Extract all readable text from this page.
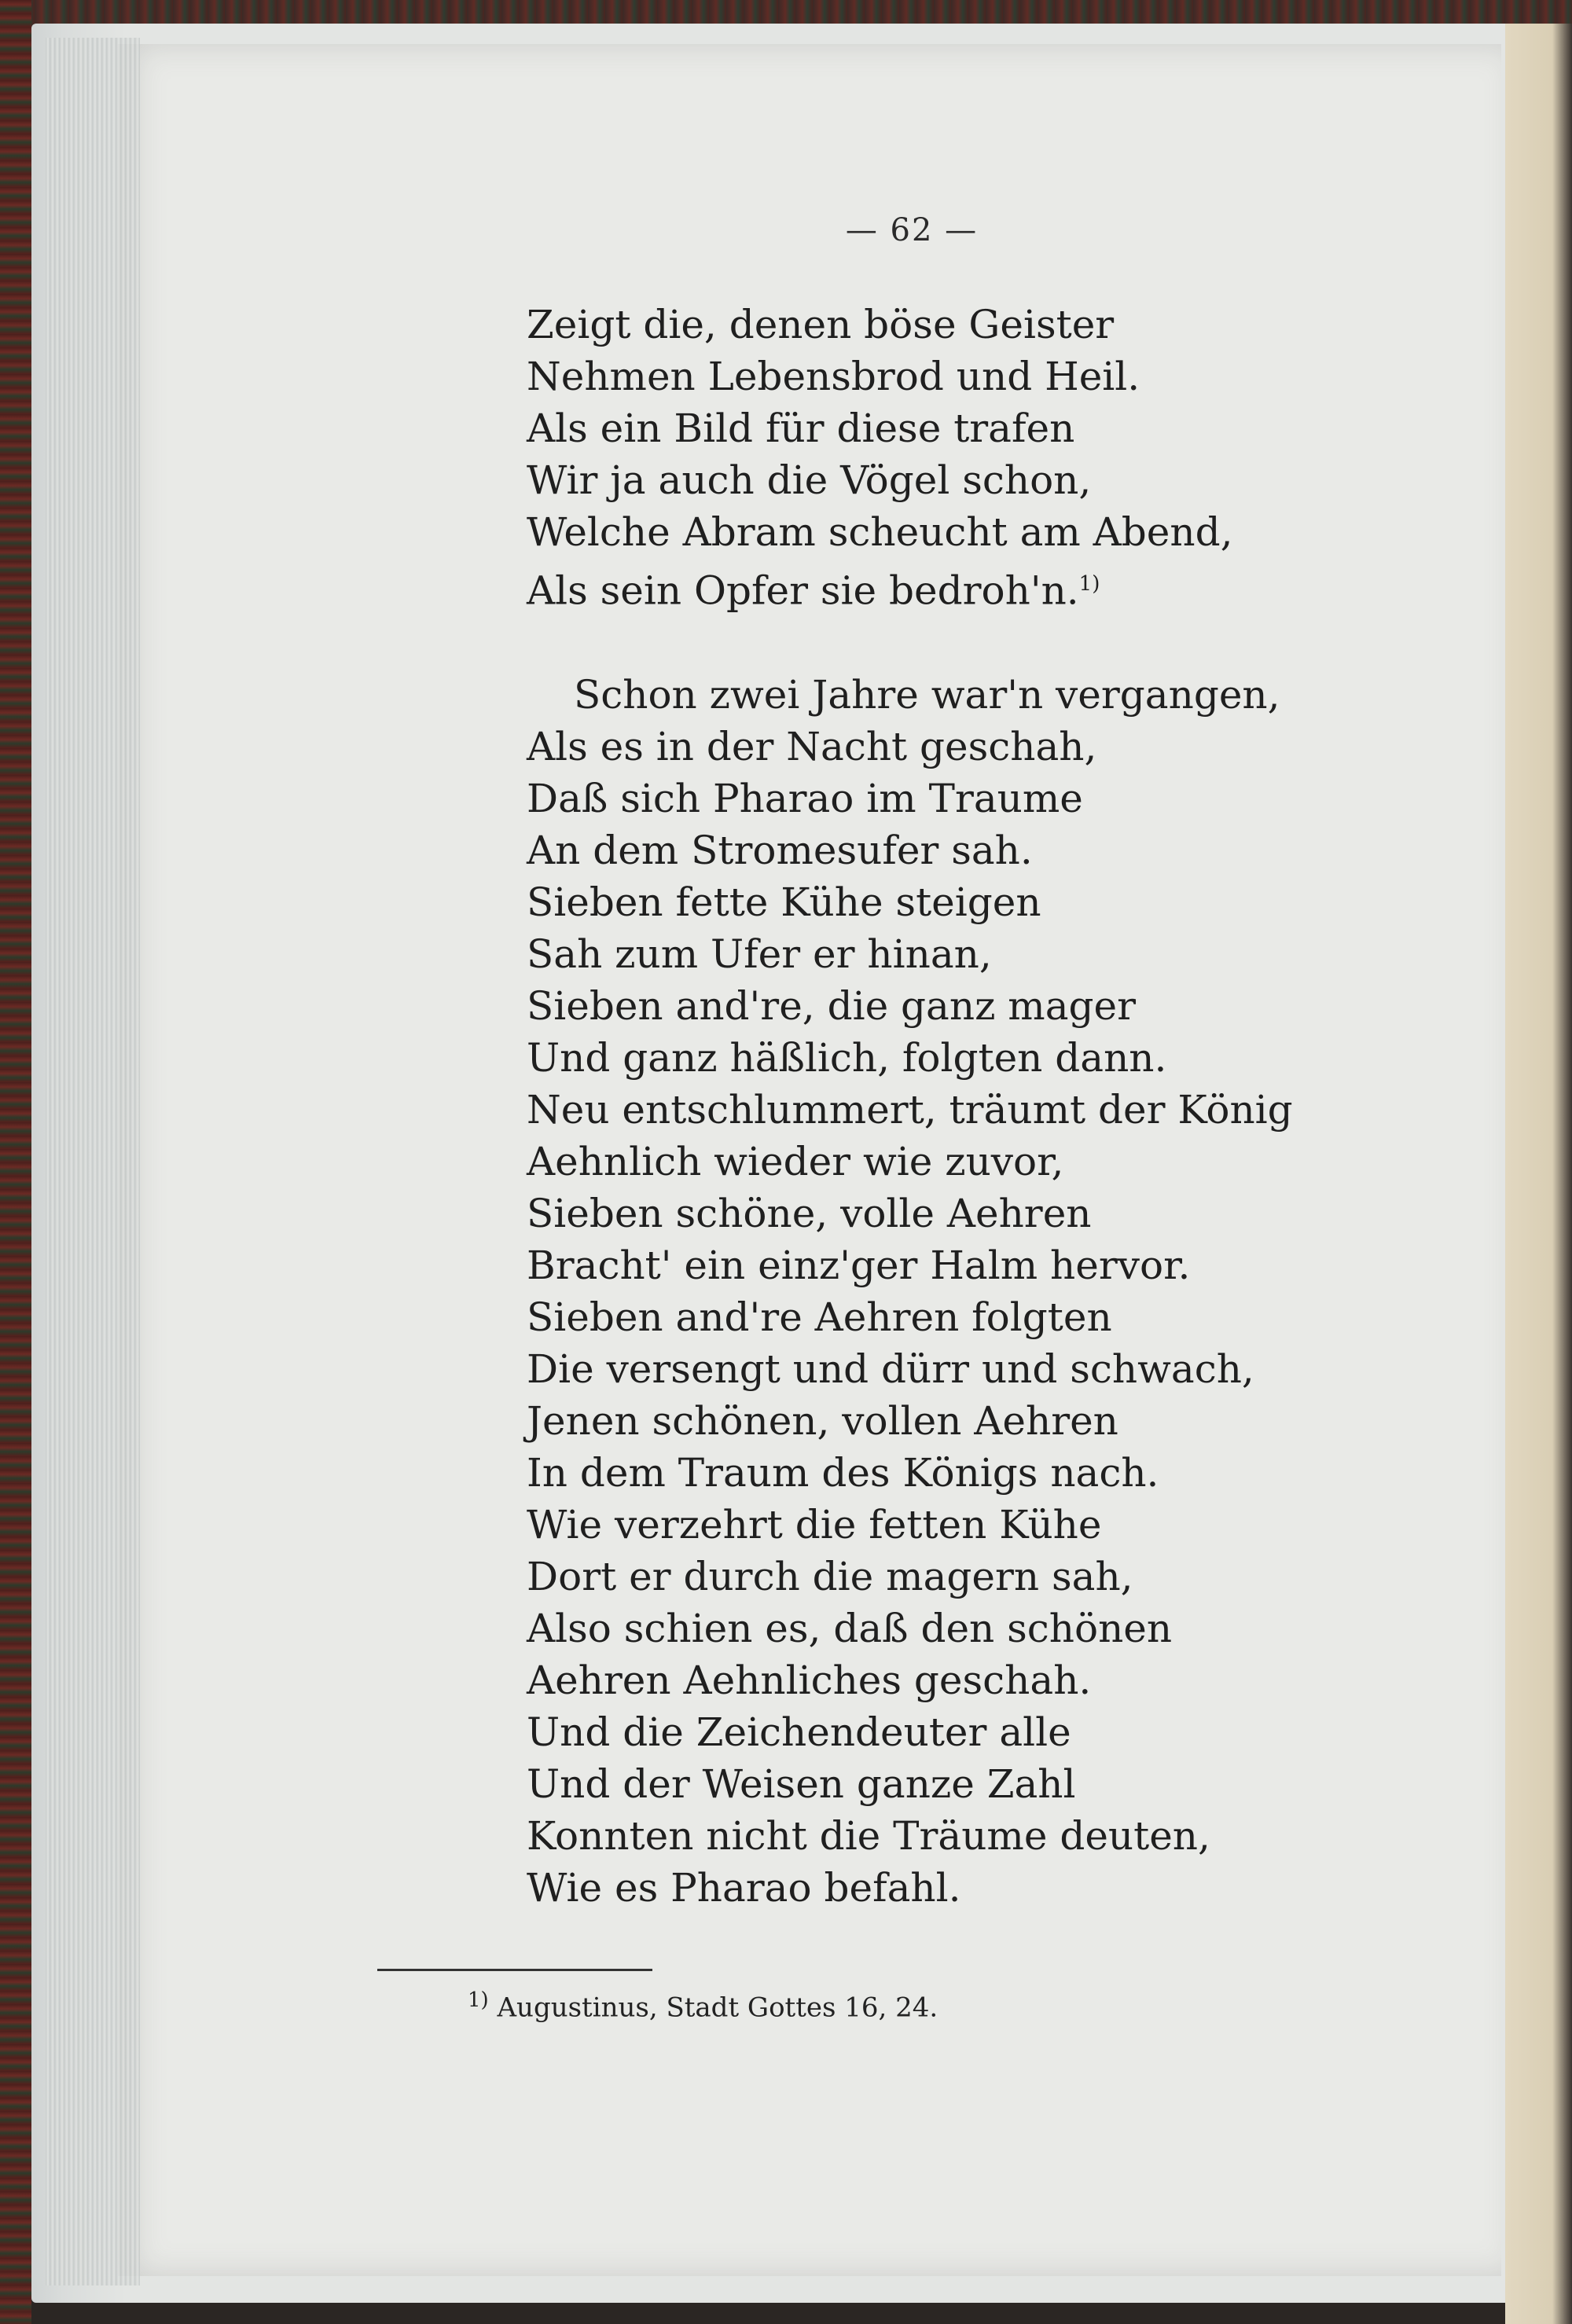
— 62 —
Zeigt die, denen böse Geister
Nehmen Lebensbrod und Heil.
Als ein Bild für diese trafen
Wir ja auch die Vögel schon,
Welche Abram scheucht am Abend,
Als sein Opfer sie bedroh'n.$^{1)}$
Schon zwei Jahre war'n vergangen,
Als es in der Nacht geschah,
Daß sich Pharao im Traume
An dem Stromesufer sah.
Sieben fette Kühe steigen
Sah zum Ufer er hinan,
Sieben and're, die ganz mager
Und ganz häßlich, folgten dann.
Neu entschlummert, träumt der König
Aehnlich wieder wie zuvor,
Sieben schöne, volle Aehren
Bracht' ein einz'ger Halm hervor.
Sieben and're Aehren folgten
Die versengt und dürr und schwach,
Jenen schönen, vollen Aehren
In dem Traum des Königs nach.
Wie verzehrt die fetten Kühe
Dort er durch die magern sah,
Also schien es, daß den schönen
Aehren Aehnliches geschah.
Und die Zeichendeuter alle
Und der Weisen ganze Zahl
Konnten nicht die Träume deuten,
Wie es Pharao befahl.
$^{1)}$ Augustinus, Stadt Gottes 16, 24.
